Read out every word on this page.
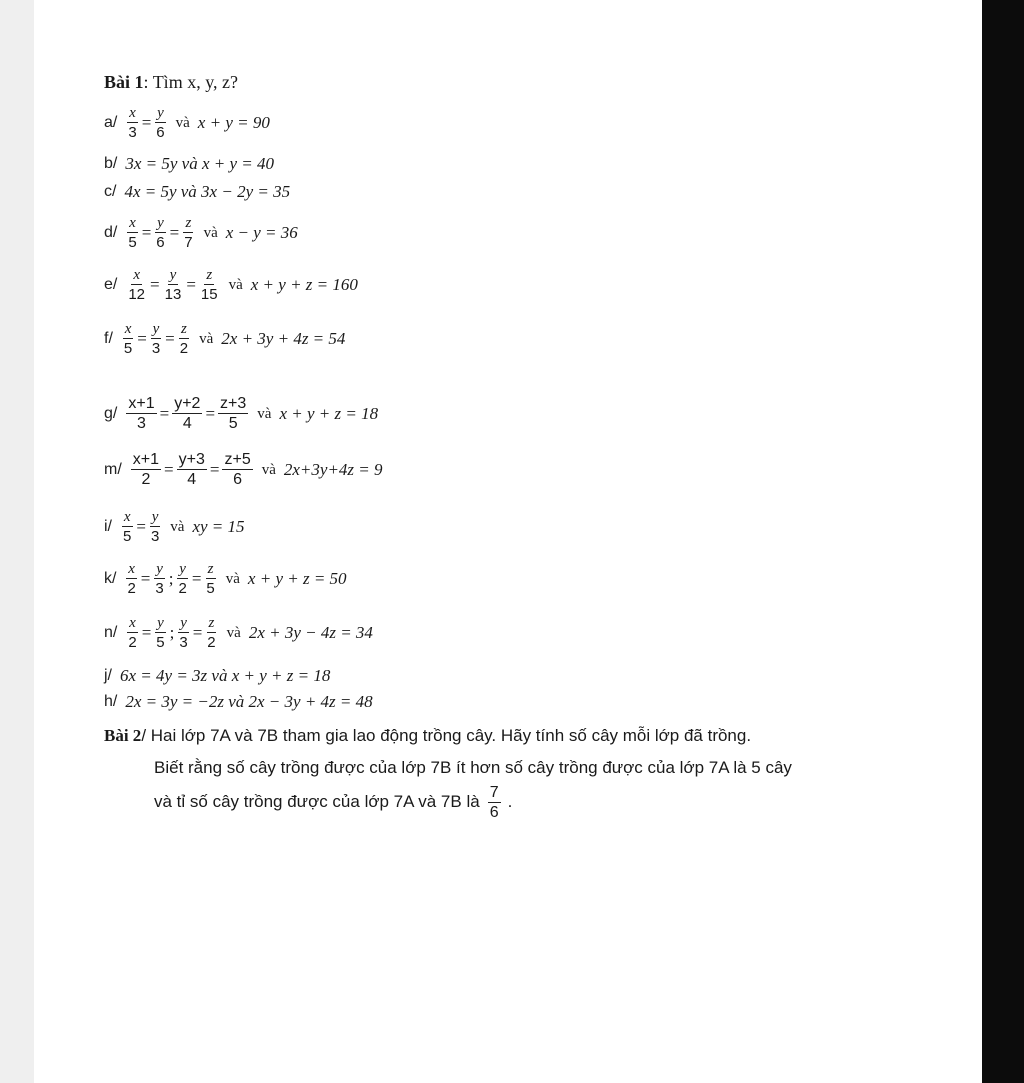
Bài 1 : Tìm x, y, z?
$a/ \frac{x}{3} = \frac{y}{6}$ và x + y = 90
b/ 3x = 5y và x + y = 40
c/ 4x = 5y và 3x − 2y = 35
$d/ \frac{x}{5} = \frac{y}{6} = \frac{z}{7}$ và x − y = 36
$e/ \frac{x}{12} = \frac{y}{13} = \frac{z}{15}$ và x + y + z = 160
$f/ \frac{x}{5} = \frac{y}{3} = \frac{z}{2}$ và 2x + 3y + 4z = 54
$g/ \frac{x+1}{3} = \frac{y+2}{4} = \frac{z+3}{5}$ và x + y + z = 18
$m/ \frac{x+1}{2} = \frac{y+3}{4} = \frac{z+5}{6}$ và 2x+3y+4z = 9
$i/ \frac{x}{5} = \frac{y}{3}$ và xy = 15
$k/ \frac{x}{2} = \frac{y}{3}$ ; $\frac{y}{2} = \frac{z}{5}$ và x + y + z = 50
$n/ \frac{x}{2} = \frac{y}{5}$ ; $\frac{y}{3} = \frac{z}{2}$ và 2x + 3y − 4z = 34
j/ 6x = 4y = 3z và x + y + z = 18
h/ 2x = 3y = −2z và 2x − 3y + 4z = 48
Bài 2/ Hai lớp 7A và 7B tham gia lao động trồng cây. Hãy tính số cây mỗi lớp đã trồng.
Biết rằng số cây trồng được của lớp 7B ít hơn số cây trồng được của lớp 7A là 5 cây
và tỉ số cây trồng được của lớp 7A và 7B là $\frac{7}{6}$ .
